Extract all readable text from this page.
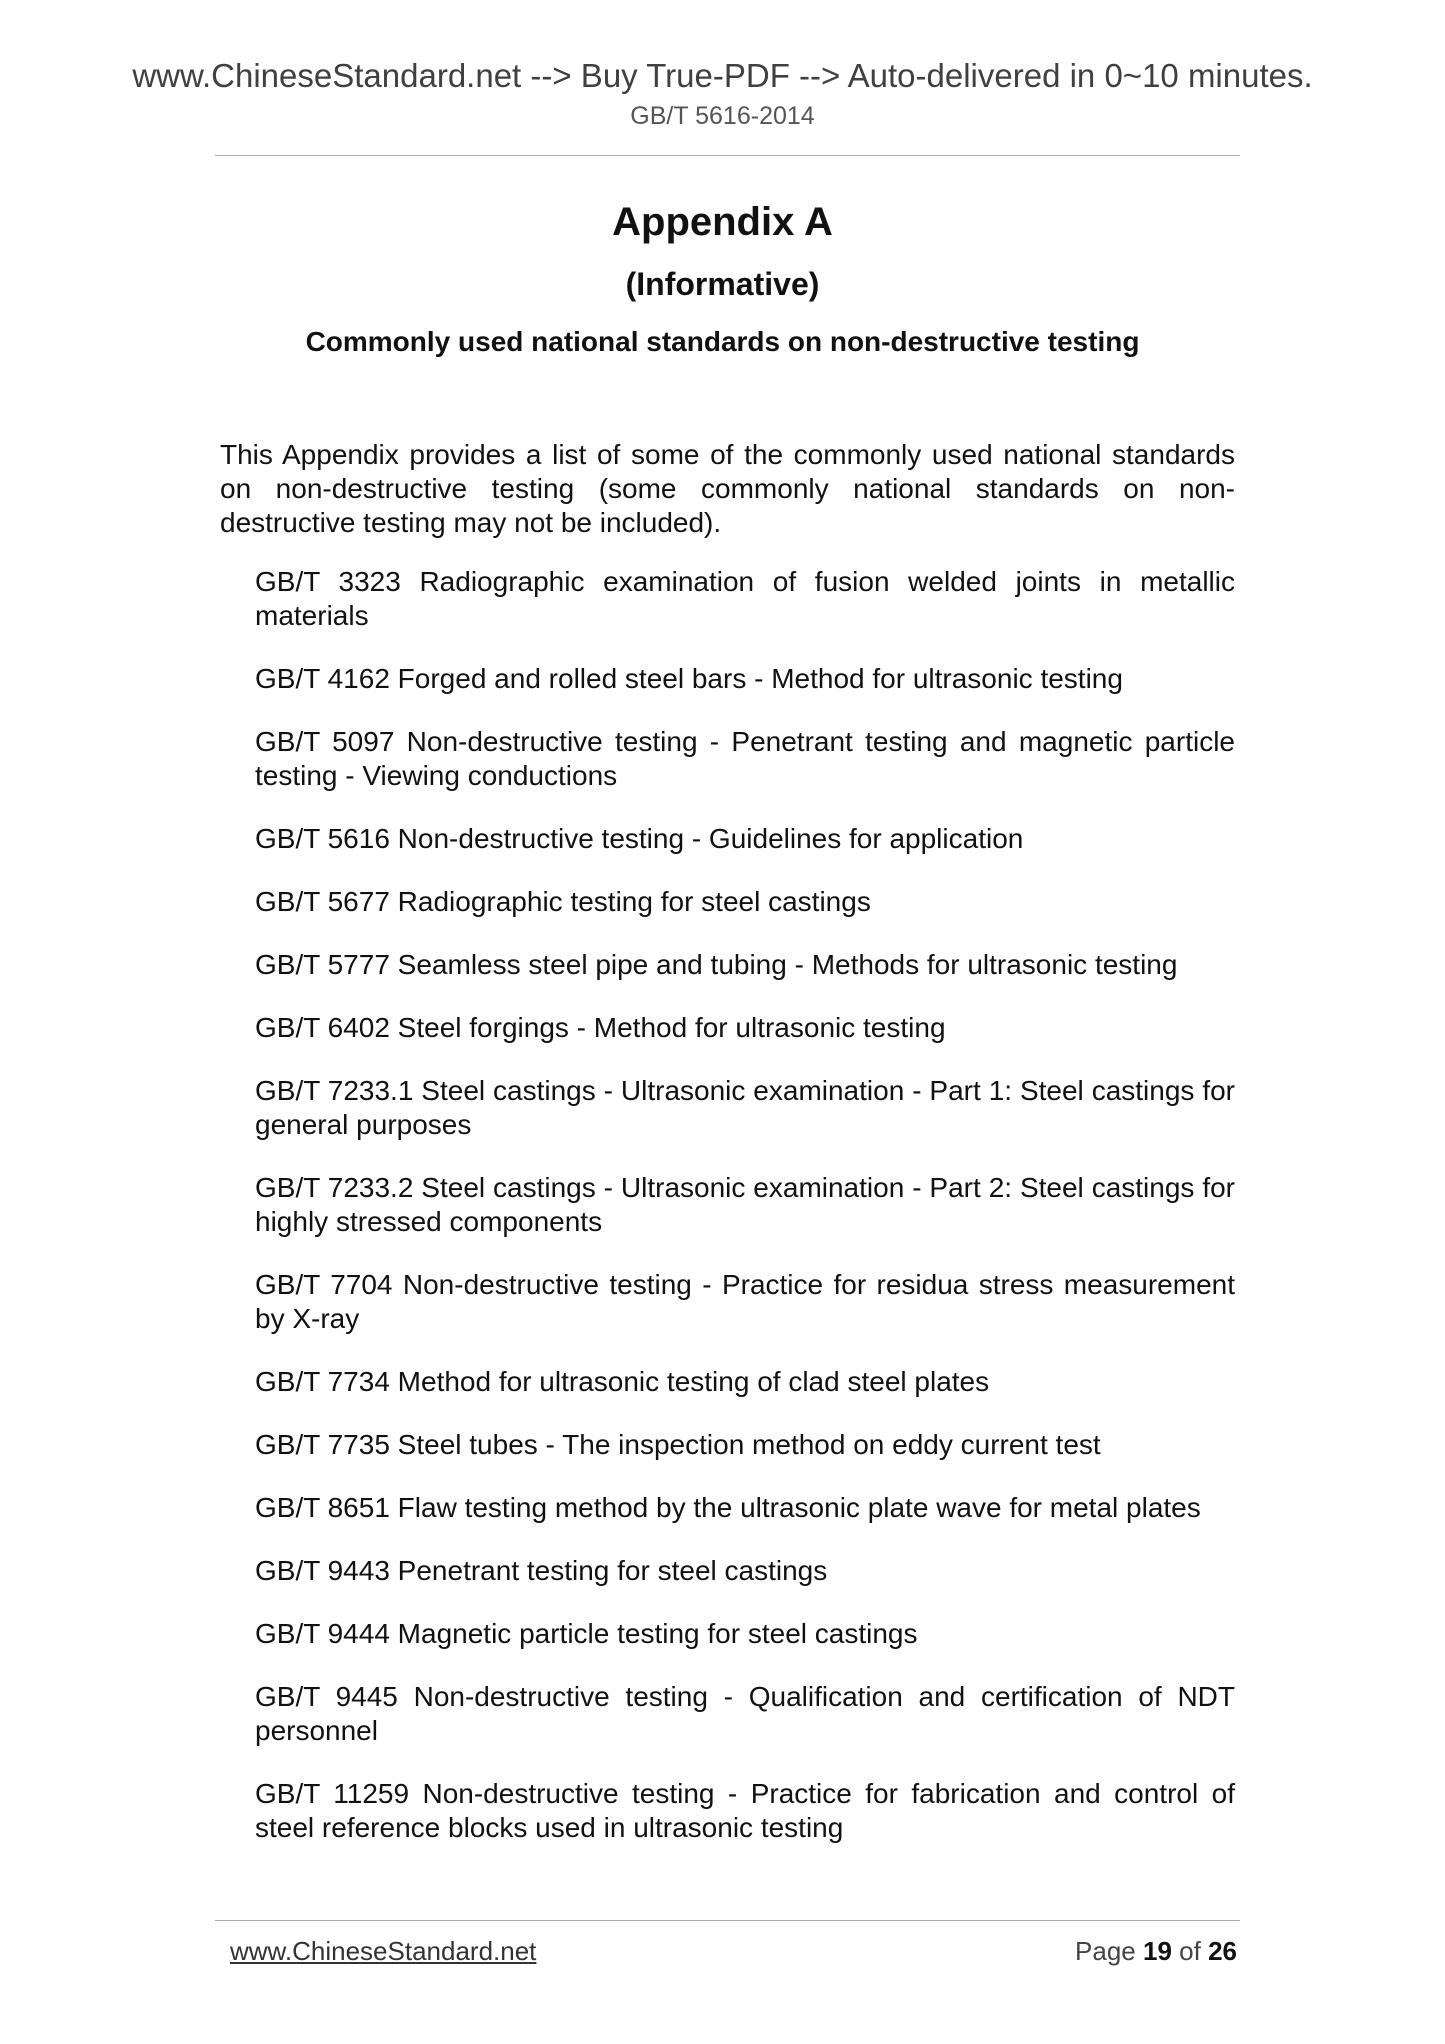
www.ChineseStandard.net --> Buy True-PDF --> Auto-delivered in 0~10 minutes.
GB/T 5616-2014
Appendix A
(Informative)
Commonly used national standards on non-destructive testing

This Appendix provides a list of some of the commonly used national standards on non-destructive testing (some commonly national standards on non-destructive testing may not be included).

GB/T 3323 Radiographic examination of fusion welded joints in metallic materials
GB/T 4162 Forged and rolled steel bars - Method for ultrasonic testing
GB/T 5097 Non-destructive testing - Penetrant testing and magnetic particle testing - Viewing conductions
GB/T 5616 Non-destructive testing - Guidelines for application
GB/T 5677 Radiographic testing for steel castings
GB/T 5777 Seamless steel pipe and tubing - Methods for ultrasonic testing
GB/T 6402 Steel forgings - Method for ultrasonic testing
GB/T 7233.1 Steel castings - Ultrasonic examination - Part 1: Steel castings for general purposes
GB/T 7233.2 Steel castings - Ultrasonic examination - Part 2: Steel castings for highly stressed components
GB/T 7704 Non-destructive testing - Practice for residua stress measurement by X-ray
GB/T 7734 Method for ultrasonic testing of clad steel plates
GB/T 7735 Steel tubes - The inspection method on eddy current test
GB/T 8651 Flaw testing method by the ultrasonic plate wave for metal plates
GB/T 9443 Penetrant testing for steel castings
GB/T 9444 Magnetic particle testing for steel castings
GB/T 9445 Non-destructive testing - Qualification and certification of NDT personnel
GB/T 11259 Non-destructive testing - Practice for fabrication and control of steel reference blocks used in ultrasonic testing
www.ChineseStandard.net	Page 19 of 26
